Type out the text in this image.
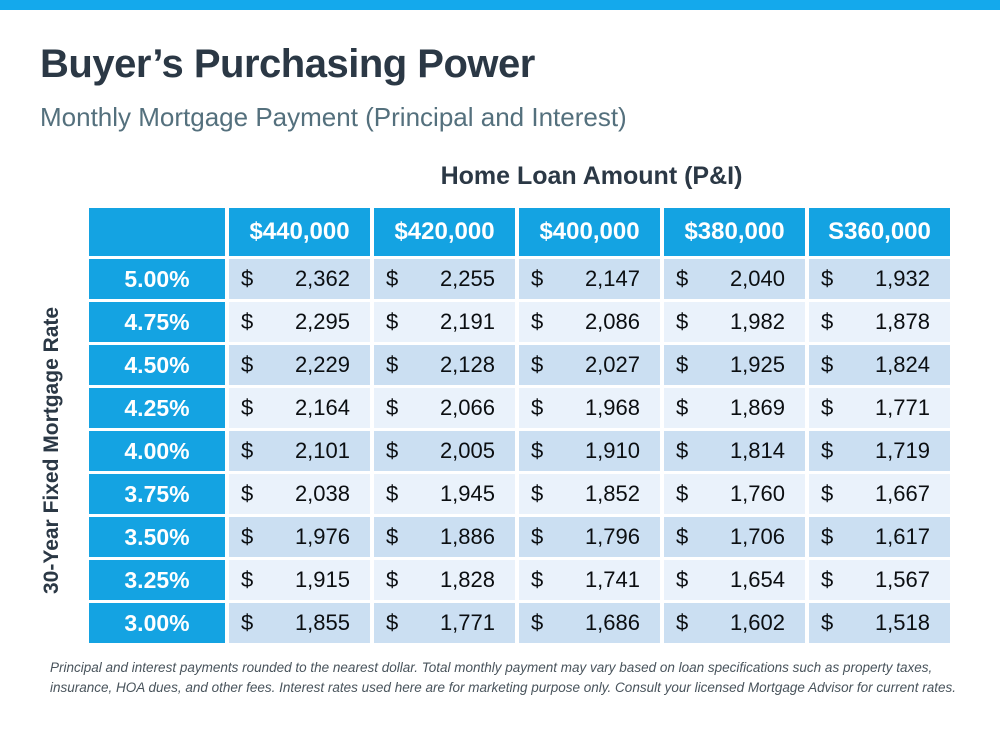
Buyer’s Purchasing Power
Monthly Mortgage Payment (Principal and Interest)
Home Loan Amount (P&I)
30-Year Fixed Mortgage Rate
	$440,000	$420,000	$400,000	$380,000	S360,000
5.00%	$ 2,362	$ 2,255	$ 2,147	$ 2,040	$ 1,932

4.75%	$ 2,295	$ 2,191	$ 2,086	$ 1,982	$ 1,878

4.50%	$ 2,229	$ 2,128	$ 2,027	$ 1,925	$ 1,824

4.25%	$ 2,164	$ 2,066	$ 1,968	$ 1,869	$ 1,771

4.00%	$ 2,101	$ 2,005	$ 1,910	$ 1,814	$ 1,719

3.75%	$ 2,038	$ 1,945	$ 1,852	$ 1,760	$ 1,667

3.50%	$ 1,976	$ 1,886	$ 1,796	$ 1,706	$ 1,617

3.25%	$ 1,915	$ 1,828	$ 1,741	$ 1,654	$ 1,567

3.00%	$ 1,855	$ 1,771	$ 1,686	$ 1,602	$ 1,518

Principal and interest payments rounded to the nearest dollar. Total monthly payment may vary based on loan specifications such as property taxes, insurance, HOA dues, and other fees. Interest rates used here are for marketing purpose only. Consult your licensed Mortgage Advisor for current rates.
